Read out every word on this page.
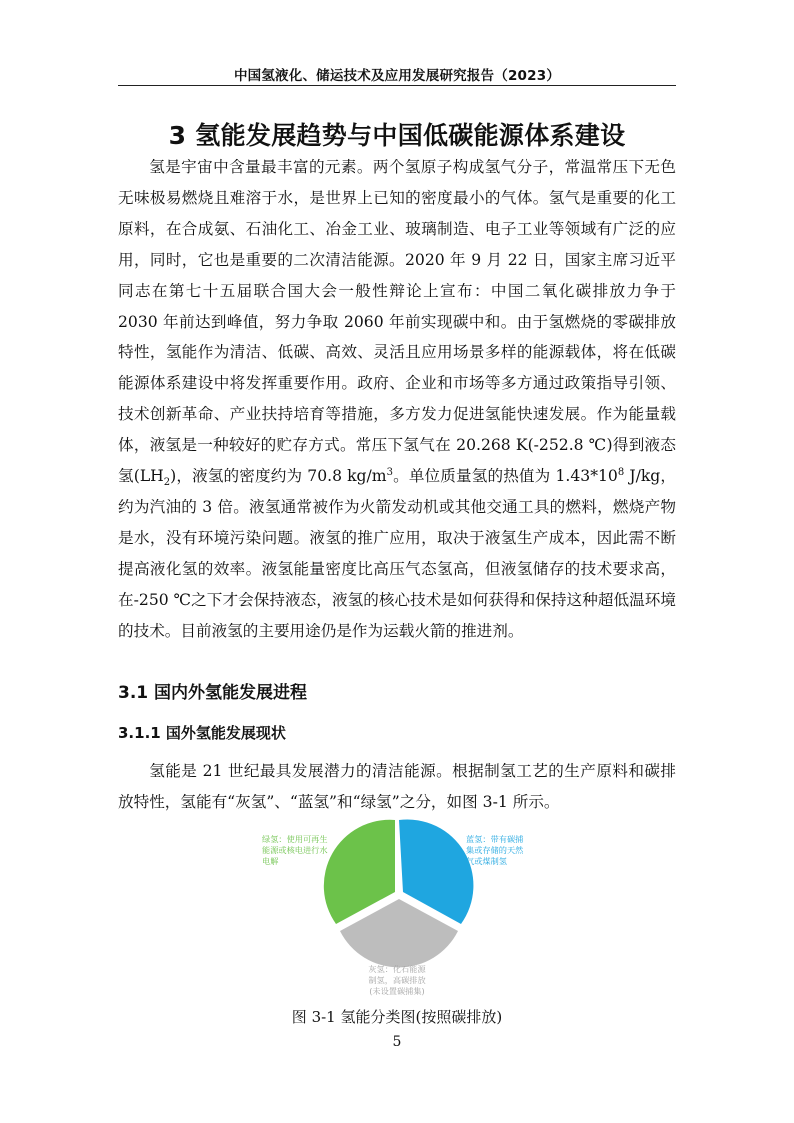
中国氢液化、储运技术及应用发展研究报告（2023）
3 氢能发展趋势与中国低碳能源体系建设

氢是宇宙中含量最丰富的元素。两个氢原子构成氢气分子，常温常压下无色无味极易燃烧且难溶于水，是世界上已知的密度最小的气体。氢气是重要的化工原料，在合成氨、石油化工、冶金工业、玻璃制造、电子工业等领域有广泛的应用，同时，它也是重要的二次清洁能源。2020 年 9 月 22 日，国家主席习近平同志在第七十五届联合国大会一般性辩论上宣布：中国二氧化碳排放力争于 2030 年前达到峰值，努力争取 2060 年前实现碳中和。由于氢燃烧的零碳排放特性，氢能作为清洁、低碳、高效、灵活且应用场景多样的能源载体，将在低碳能源体系建设中将发挥重要作用。政府、企业和市场等多方通过政策指导引领、技术创新革命、产业扶持培育等措施，多方发力促进氢能快速发展。作为能量载体，液氢是一种较好的贮存方式。常压下氢气在 20.268 K(-252.8 ℃)得到液态氢$(LH_2)$，液氢的密度约为 70.8 $kg/m^3$。单位质量氢的热值为 $1.43*10^8$ J/kg，约为汽油的 3 倍。液氢通常被作为火箭发动机或其他交通工具的燃料，燃烧产物是水，没有环境污染问题。液氢的推广应用，取决于液氢生产成本，因此需不断提高液化氢的效率。液氢能量密度比高压气态氢高，但液氢储存的技术要求高，在-250 ℃之下才会保持液态，液氢的核心技术是如何获得和保持这种超低温环境的技术。目前液氢的主要用途仍是作为运载火箭的推进剂。

3.1 国内外氢能发展进程
3.1.1 国外氢能发展现状

氢能是 21 世纪最具发展潜力的清洁能源。根据制氢工艺的生产原料和碳排放特性，氢能有“灰氢”、“蓝氢”和“绿氢”之分，如图 3-1 所示。

绿氢：使用可再生能源或核电进行水电解
蓝氢：带有碳捕集或存储的天然气或煤制氢
灰氢：化石能源
制氢，高碳排放
(未设置碳捕集)
图 3-1 氢能分类图(按照碳排放)
5
